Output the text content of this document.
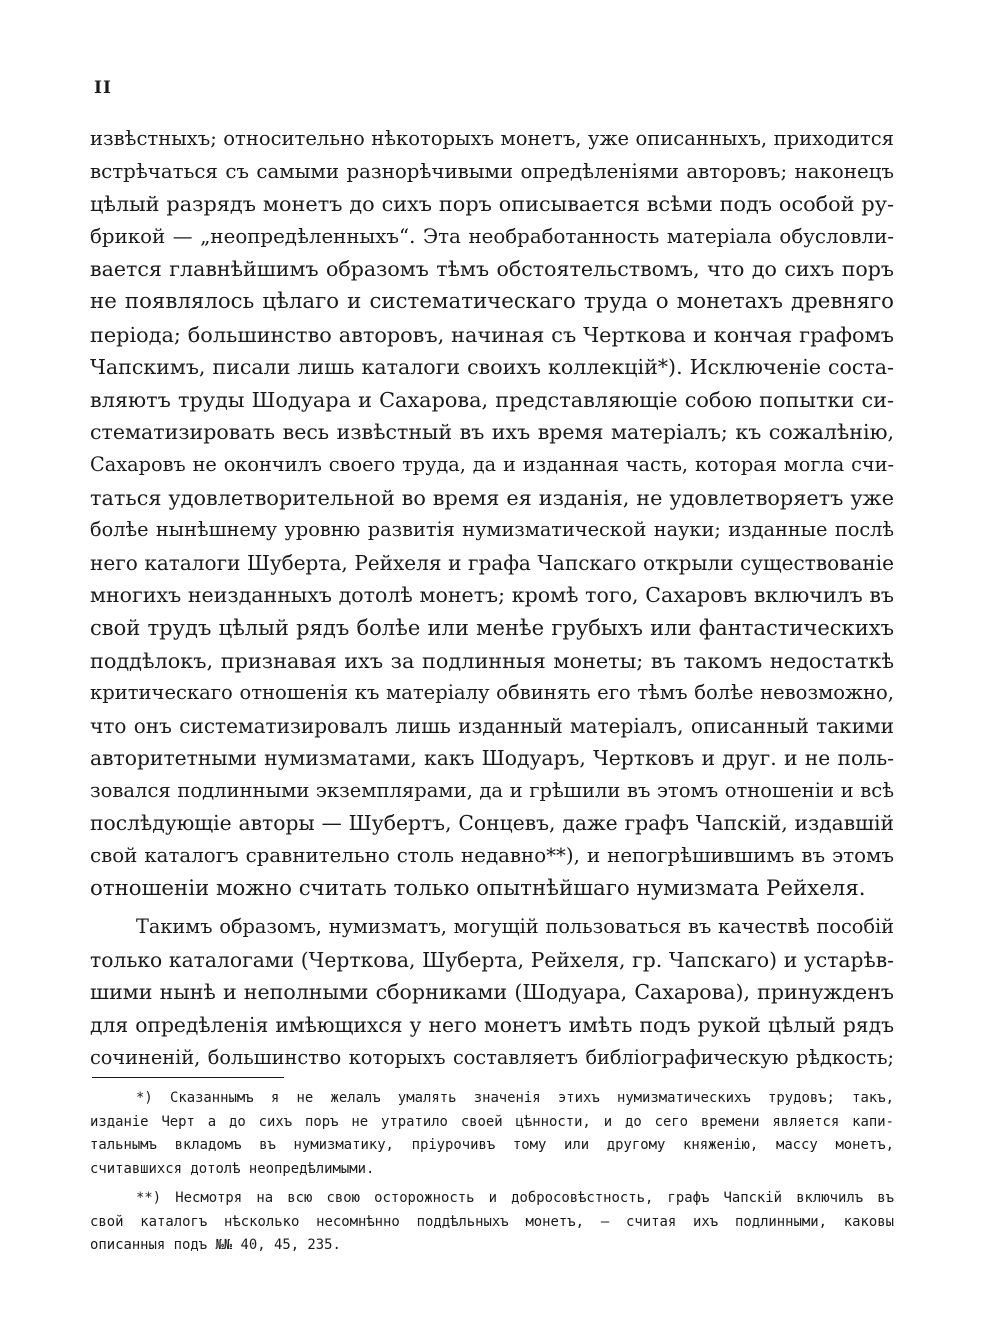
II
извѣстныхъ; относительно нѣкоторыхъ монетъ, уже описанныхъ, приходится
встрѣчаться съ самыми разнорѣчивыми опредѣленіями авторовъ; наконецъ
цѣлый разрядъ монетъ до сихъ поръ описывается всѣми подъ особой ру-
брикой — „неопредѣленныхъ“. Эта необработанность матеріала обусловли-
вается главнѣйшимъ образомъ тѣмъ обстоятельствомъ, что до сихъ поръ
не появлялось цѣлаго и систематическаго труда о монетахъ древняго
періода; большинство авторовъ, начиная съ Черткова и кончая графомъ
Чапскимъ, писали лишь каталоги своихъ коллекцій*). Исключеніе соста-
вляютъ труды Шодуара и Сахарова, представляющіе собою попытки си-
стематизировать весь извѣстный въ ихъ время матеріалъ; къ сожалѣнію,
Сахаровъ не окончилъ своего труда, да и изданная часть, которая могла счи-
таться удовлетворительной во время ея изданія, не удовлетворяетъ уже
болѣе нынѣшнему уровню развитія нумизматической науки; изданные послѣ
него каталоги Шуберта, Рейхеля и графа Чапскаго открыли существованіе
многихъ неизданныхъ дотолѣ монетъ; кромѣ того, Сахаровъ включилъ въ
свой трудъ цѣлый рядъ болѣе или менѣе грубыхъ или фантастическихъ
поддѣлокъ, признавая ихъ за подлинныя монеты; въ такомъ недостаткѣ
критическаго отношенія къ матеріалу обвинять его тѣмъ болѣе невозможно,
что онъ систематизировалъ лишь изданный матеріалъ, описанный такими
авторитетными нумизматами, какъ Шодуаръ, Чертковъ и друг. и не поль-
зовался подлинными экземплярами, да и грѣшили въ этомъ отношеніи и всѣ
послѣдующіе авторы — Шубертъ, Сонцевъ, даже графъ Чапскій, издавшій
свой каталогъ сравнительно столь недавно**), и непогрѣшившимъ въ этомъ
отношеніи можно считать только опытнѣйшаго нумизмата Рейхеля.
Такимъ образомъ, нумизматъ, могущій пользоваться въ качествѣ пособій
только каталогами (Черткова, Шуберта, Рейхеля, гр. Чапскаго) и устарѣв-
шими нынѣ и неполными сборниками (Шодуара, Сахарова), принужденъ
для опредѣленія имѣющихся у него монетъ имѣть подъ рукой цѣлый рядъ
сочиненій, большинство которыхъ составляетъ библіографическую рѣдкость;
*) Сказаннымъ я не желалъ умалять значенія этихъ нумизматическихъ трудовъ; такъ,
изданіе Черт а до сихъ поръ не утратило своей цѣнности, и до сего времени является капи-
тальнымъ вкладомъ въ нумизматику, пріурочивъ тому или другому княженію, массу монетъ,
считавшихся дотолѣ неопредѣлимыми.
**) Несмотря на всю свою осторожность и добросовѣстность, графъ Чапскій включилъ въ
свой каталогъ нѣсколько несомнѣнно поддѣльныхъ монетъ, — считая ихъ подлинными, каковы
описанныя подъ №№ 40, 45, 235.
